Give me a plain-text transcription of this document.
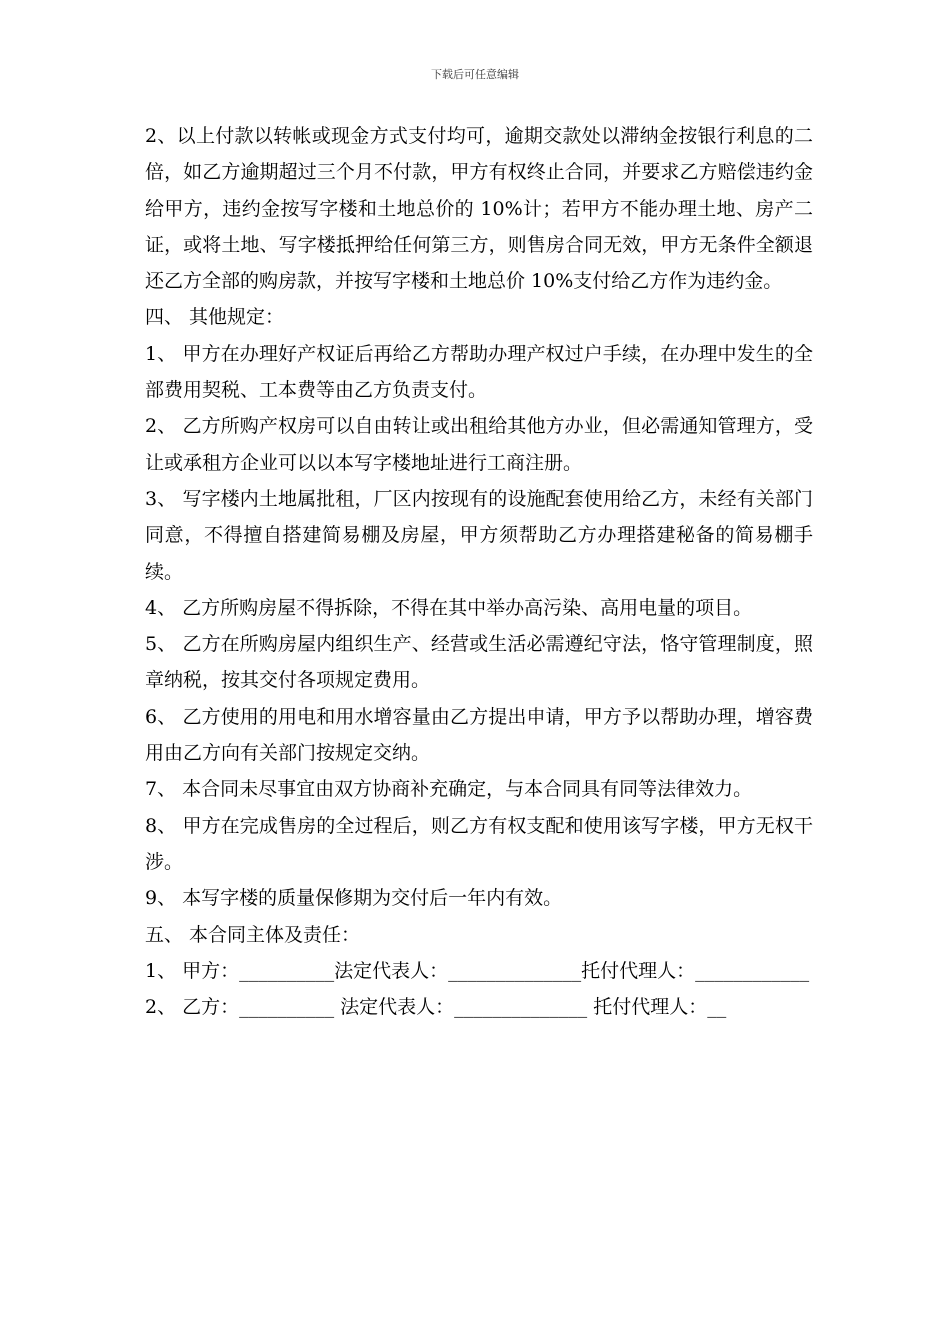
下载后可任意编辑

2、以上付款以转帐或现金方式支付均可，逾期交款处以滞纳金按银行利息的二倍，如乙方逾期超过三个月不付款，甲方有权终止合同，并要求乙方赔偿违约金给甲方，违约金按写字楼和土地总价的 10%计；若甲方不能办理土地、房产二证，或将土地、写字楼抵押给任何第三方，则售房合同无效，甲方无条件全额退还乙方全部的购房款，并按写字楼和土地总价 10%支付给乙方作为违约金。

四、 其他规定：

1、 甲方在办理好产权证后再给乙方帮助办理产权过户手续，在办理中发生的全部费用契税、工本费等由乙方负责支付。

2、 乙方所购产权房可以自由转让或出租给其他方办业，但必需通知管理方，受让或承租方企业可以以本写字楼地址进行工商注册。

3、 写字楼内土地属批租，厂区内按现有的设施配套使用给乙方，未经有关部门同意，不得擅自搭建简易棚及房屋，甲方须帮助乙方办理搭建秘备的简易棚手续。

4、 乙方所购房屋不得拆除，不得在其中举办高污染、高用电量的项目。

5、 乙方在所购房屋内组织生产、经营或生活必需遵纪守法，恪守管理制度，照章纳税，按其交付各项规定费用。

6、 乙方使用的用电和用水增容量由乙方提出申请，甲方予以帮助办理，增容费用由乙方向有关部门按规定交纳。

7、 本合同未尽事宜由双方协商补充确定，与本合同具有同等法律效力。

8、 甲方在完成售房的全过程后，则乙方有权支配和使用该写字楼，甲方无权干涉。

9、 本写字楼的质量保修期为交付后一年内有效。

五、 本合同主体及责任：

1、 甲方：__________法定代表人：______________托付代理人：____________

2、 乙方：__________ 法定代表人：______________ 托付代理人：__
